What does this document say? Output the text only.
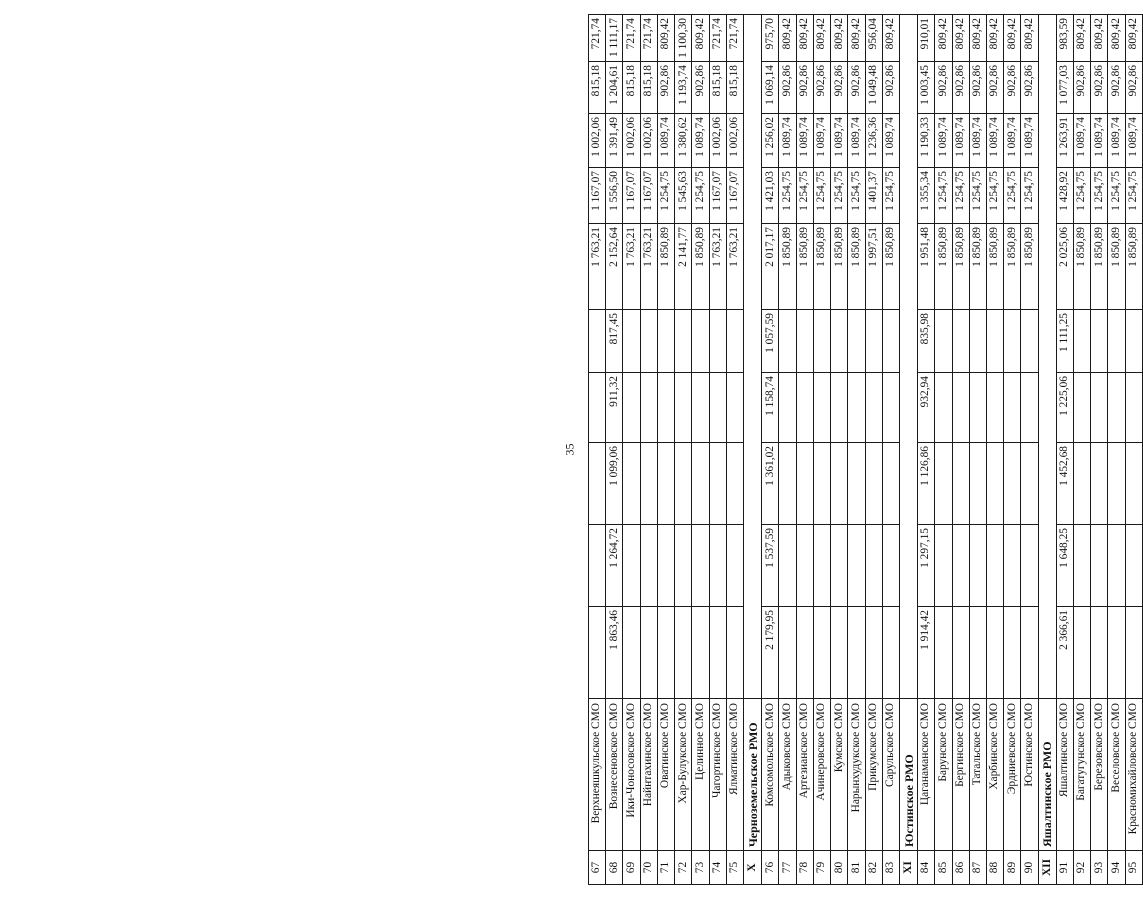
67	Верхнеяшкульское СМО						1 763,21	1 167,07	1 002,06	815,18	721,74
68	Вознесеновское СМО	1 863,46	1 264,72	1 099,06	911,32	817,45	2 152,64	1 556,50	1 391,49	1 204,61	1 111,17
69	Ики-Чоносовское СМО						1 763,21	1 167,07	1 002,06	815,18	721,74
70	Найнтахинское СМО						1 763,21	1 167,07	1 002,06	815,18	721,74
71	Оватинское СМО						1 850,89	1 254,75	1 089,74	902,86	809,42
72	Хар-Булукское СМО						2 141,77	1 545,63	1 380,62	1 193,74	1 100,30
73	Целинное СМО						1 850,89	1 254,75	1 089,74	902,86	809,42
74	Чагортинское СМО						1 763,21	1 167,07	1 002,06	815,18	721,74
75	Ялматинское СМО						1 763,21	1 167,07	1 002,06	815,18	721,74
X	Черноземельское РМО										
76	Комсомольское СМО	2 179,95	1 537,59	1 361,02	1 158,74	1 057,59	2 017,17	1 421,03	1 256,02	1 069,14	975,70
77	Адыковское СМО						1 850,89	1 254,75	1 089,74	902,86	809,42
78	Артезианское СМО						1 850,89	1 254,75	1 089,74	902,86	809,42
79	Ачинеровское СМО						1 850,89	1 254,75	1 089,74	902,86	809,42
80	Кумское СМО						1 850,89	1 254,75	1 089,74	902,86	809,42
81	Нарынхудукское СМО						1 850,89	1 254,75	1 089,74	902,86	809,42
82	Прикумское СМО						1 997,51	1 401,37	1 236,36	1 049,48	956,04
83	Сарульское СМО						1 850,89	1 254,75	1 089,74	902,86	809,42
XI	Юстинское РМО										
84	Цаганаманское СМО	1 914,42	1 297,15	1 126,86	932,94	835,98	1 951,48	1 355,34	1 190,33	1 003,45	910,01
85	Барунское СМО						1 850,89	1 254,75	1 089,74	902,86	809,42
86	Бергинское СМО						1 850,89	1 254,75	1 089,74	902,86	809,42
87	Татальское СМО						1 850,89	1 254,75	1 089,74	902,86	809,42
88	Харбинское СМО						1 850,89	1 254,75	1 089,74	902,86	809,42
89	Эрдниевское СМО						1 850,89	1 254,75	1 089,74	902,86	809,42
90	Юстинское СМО						1 850,89	1 254,75	1 089,74	902,86	809,42
XII	Яшалтинское РМО										
91	Яшалтинское СМО	2 366,61	1 648,25	1 452,68	1 225,06	1 111,25	2 025,06	1 428,92	1 263,91	1 077,03	983,59
92	Багатугунское СМО						1 850,89	1 254,75	1 089,74	902,86	809,42
93	Березовское СМО						1 850,89	1 254,75	1 089,74	902,86	809,42
94	Веселовское СМО						1 850,89	1 254,75	1 089,74	902,86	809,42
95	Красномихайловское СМО						1 850,89	1 254,75	1 089,74	902,86	809,42
35
